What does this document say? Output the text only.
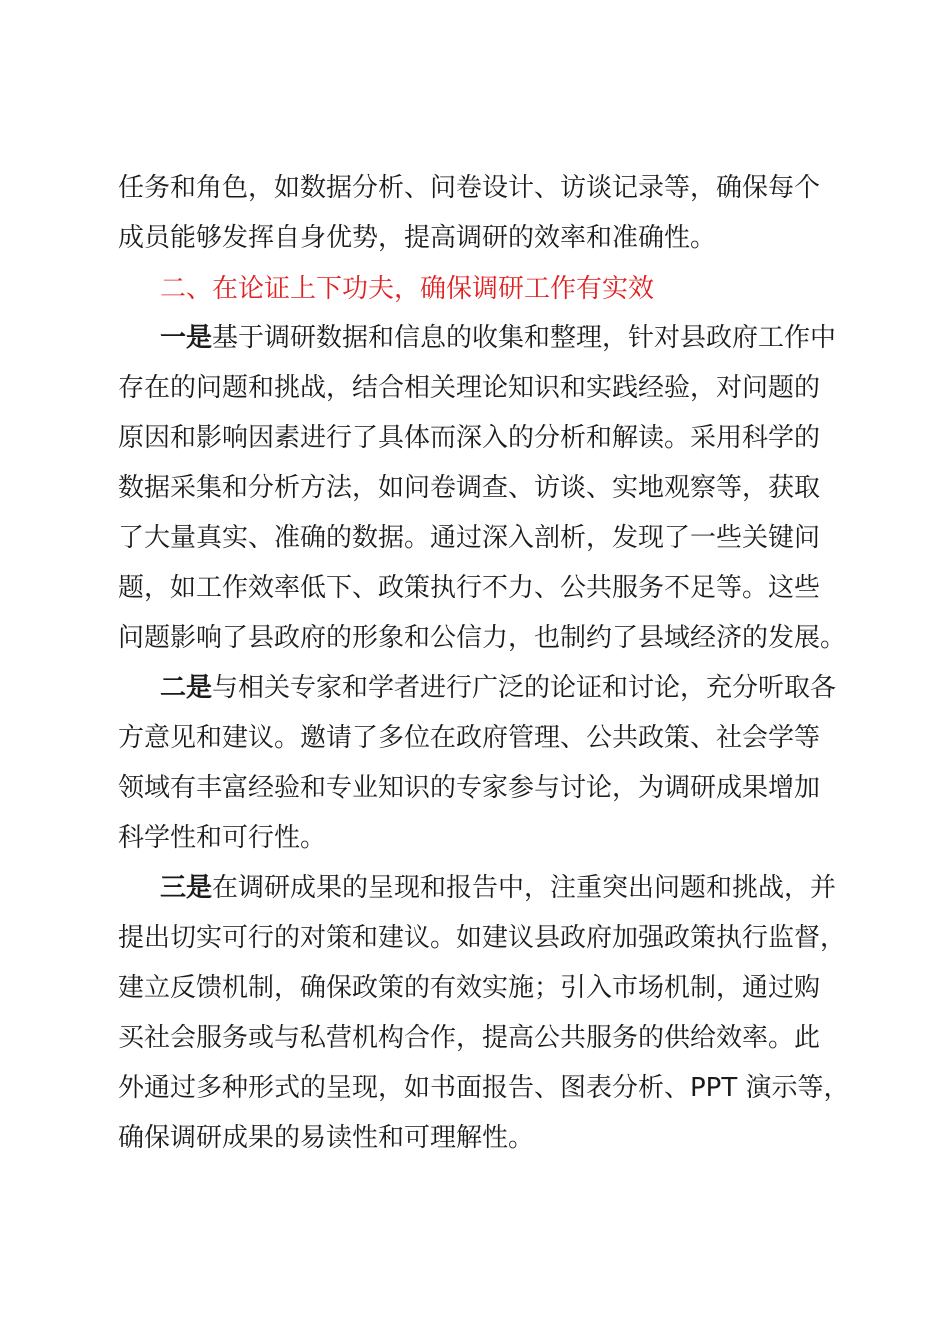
任务和角色，如数据分析、问卷设计、访谈记录等，确保每个
成员能够发挥自身优势，提高调研的效率和准确性。
二、在论证上下功夫，确保调研工作有实效
一是基于调研数据和信息的收集和整理，针对县政府工作中
存在的问题和挑战，结合相关理论知识和实践经验，对问题的
原因和影响因素进行了具体而深入的分析和解读。采用科学的
数据采集和分析方法，如问卷调查、访谈、实地观察等，获取
了大量真实、准确的数据。通过深入剖析，发现了一些关键问
题，如工作效率低下、政策执行不力、公共服务不足等。这些
问题影响了县政府的形象和公信力，也制约了县域经济的发展。
二是与相关专家和学者进行广泛的论证和讨论，充分听取各
方意见和建议。邀请了多位在政府管理、公共政策、社会学等
领域有丰富经验和专业知识的专家参与讨论，为调研成果增加
科学性和可行性。
三是在调研成果的呈现和报告中，注重突出问题和挑战，并
提出切实可行的对策和建议。如建议县政府加强政策执行监督，
建立反馈机制，确保政策的有效实施；引入市场机制，通过购
买社会服务或与私营机构合作，提高公共服务的供给效率。此
外通过多种形式的呈现，如书面报告、图表分析、PPT 演示等，
确保调研成果的易读性和可理解性。
